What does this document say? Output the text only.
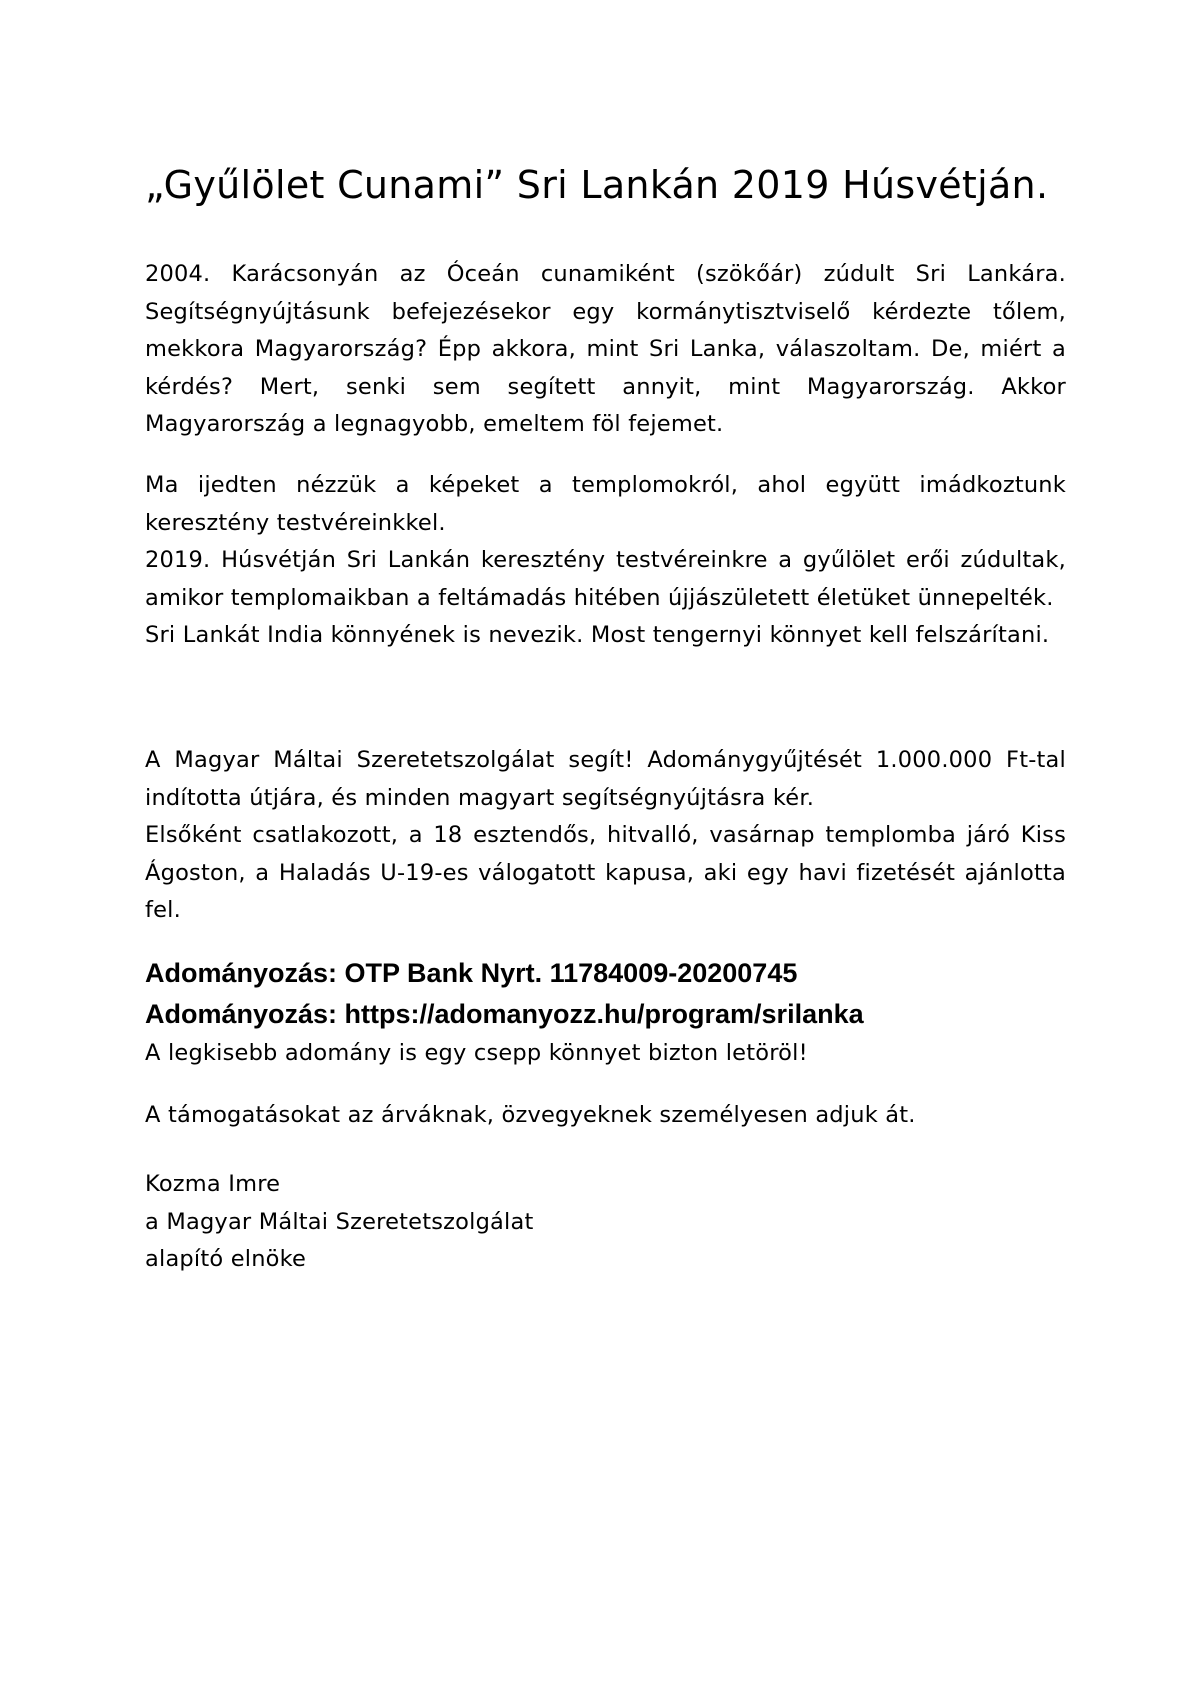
„Gyűlölet Cunami” Sri Lankán 2019 Húsvétján.

2004. Karácsonyán az Óceán cunamiként (szökőár) zúdult Sri Lankára. Segítségnyújtásunk befejezésekor egy kormánytisztviselő kérdezte tőlem, mekkora Magyarország? Épp akkora, mint Sri Lanka, válaszoltam. De, miért a kérdés? Mert, senki sem segített annyit, mint Magyarország. Akkor Magyarország a legnagyobb, emeltem föl fejemet.

Ma ijedten nézzük a képeket a templomokról, ahol együtt imádkoztunk keresztény testvéreinkkel.

2019. Húsvétján Sri Lankán keresztény testvéreinkre a gyűlölet erői zúdultak, amikor templomaikban a feltámadás hitében újjászületett életüket ünnepelték.

Sri Lankát India könnyének is nevezik. Most tengernyi könnyet kell felszárítani.

A Magyar Máltai Szeretetszolgálat segít! Adománygyűjtését 1.000.000 Ft-tal indította útjára, és minden magyart segítségnyújtásra kér.

Elsőként csatlakozott, a 18 esztendős, hitvalló, vasárnap templomba járó Kiss Ágoston, a Haladás U-19-es válogatott kapusa, aki egy havi fizetését ajánlotta fel.

Adományozás: OTP Bank Nyrt. 11784009-20200745
Adományozás: https://adomanyozz.hu/program/srilanka
A legkisebb adomány is egy csepp könnyet bizton letöröl!
A támogatásokat az árváknak, özvegyeknek személyesen adjuk át.
Kozma Imre
a Magyar Máltai Szeretetszolgálat
alapító elnöke
